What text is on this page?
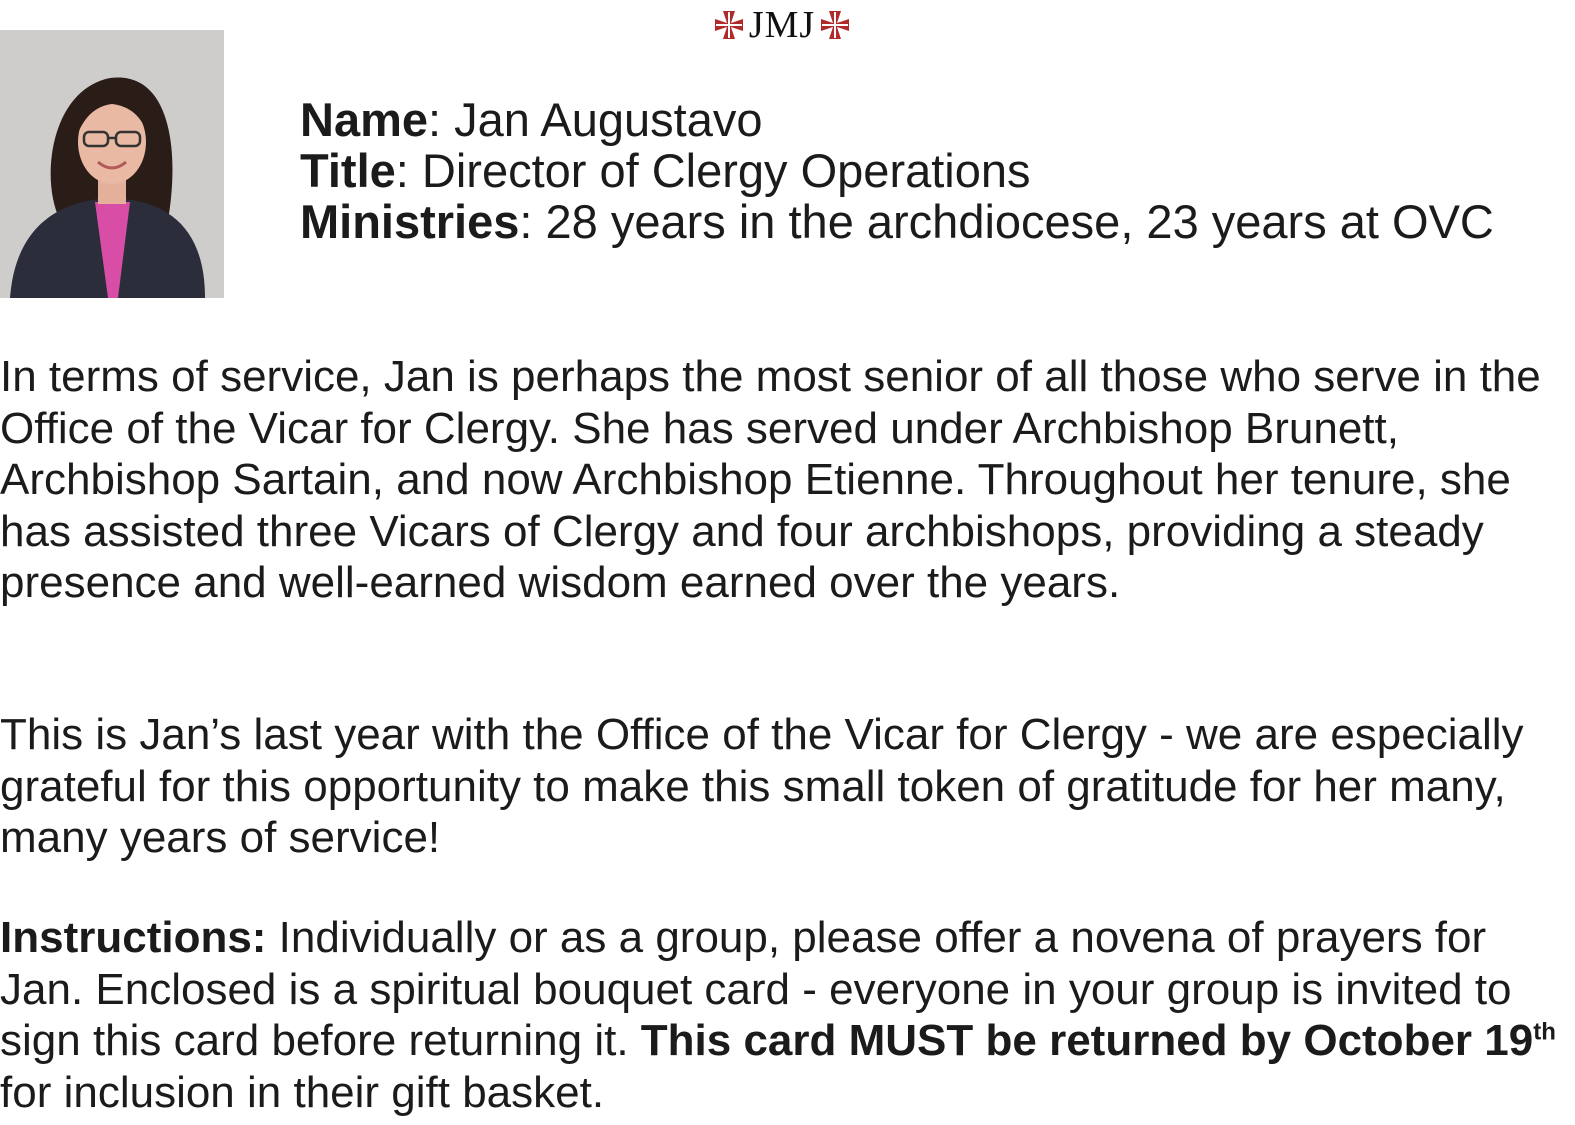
JMJ
Name: Jan Augustavo
Title: Director of Clergy Operations
Ministries: 28 years in the archdiocese, 23 years at OVC

In terms of service, Jan is perhaps the most senior of all those who serve in the Office of the Vicar for Clergy. She has served under Archbishop Brunett, Archbishop Sartain, and now Archbishop Etienne. Throughout her tenure, she has assisted three Vicars of Clergy and four archbishops, providing a steady presence and well-earned wisdom earned over the years.

This is Jan’s last year with the Office of the Vicar for Clergy - we are especially grateful for this opportunity to make this small token of gratitude for her many, many years of service!

Instructions: Individually or as a group, please offer a novena of prayers for Jan. Enclosed is a spiritual bouquet card - everyone in your group is invited to sign this card before returning it. This card MUST be returned by October 19th for inclusion in their gift basket.
